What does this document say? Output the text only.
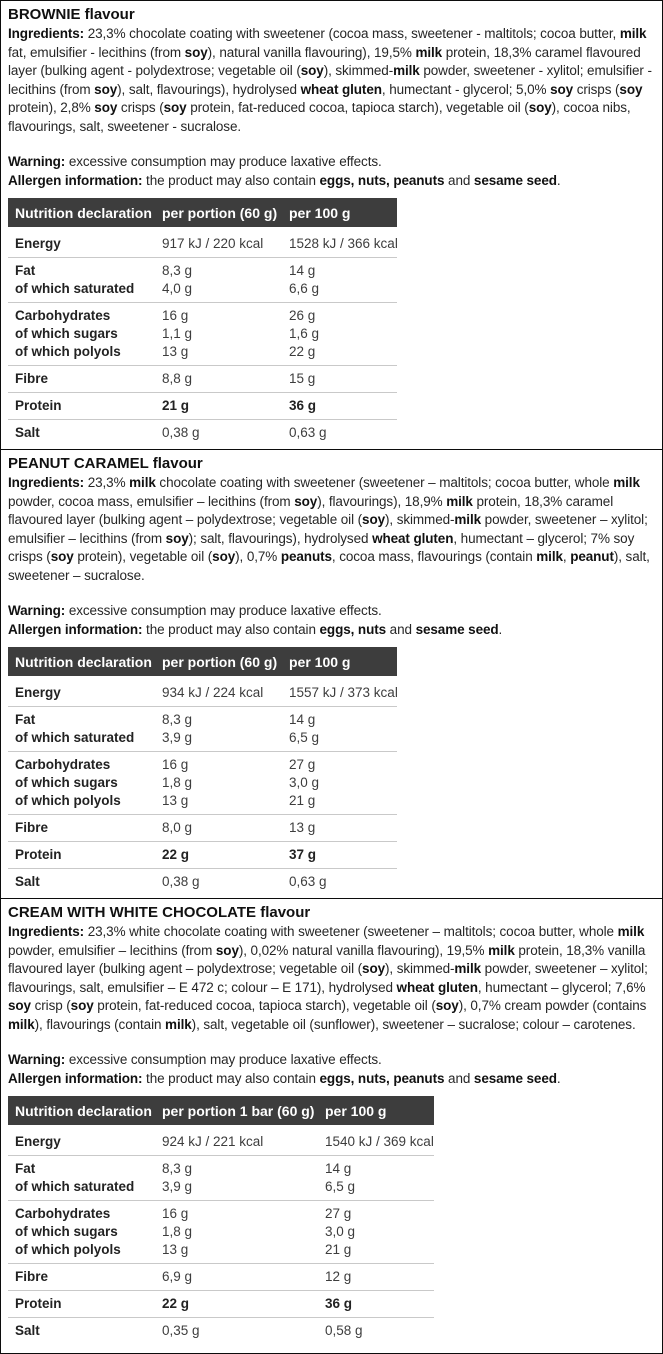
BROWNIE flavour

Ingredients: 23,3% chocolate coating with sweetener (cocoa mass, sweetener - maltitols; cocoa butter, milk fat, emulsifier - lecithins (from soy), natural vanilla flavouring), 19,5% milk protein, 18,3% caramel flavoured layer (bulking agent - polydextrose; vegetable oil (soy), skimmed-milk powder, sweetener - xylitol; emulsifier - lecithins (from soy), salt, flavourings), hydrolysed wheat gluten, humectant - glycerol; 5,0% soy crisps (soy protein), 2,8% soy crisps (soy protein, fat-reduced cocoa, tapioca starch), vegetable oil (soy), cocoa nibs, flavourings, salt, sweetener - sucralose.

Warning: excessive consumption may produce laxative effects.

Allergen information: the product may also contain eggs, nuts, peanuts and sesame seed.

Nutrition declaration per portion (60 g) per 100 g
Energy	917 kJ / 220 kcal	1528 kJ / 366 kcal
Fat	8,3 g	14 g
of which saturated	4,0 g	6,6 g
Carbohydrates	16 g	26 g
of which sugars	1,1 g	1,6 g
of which polyols	13 g	22 g
Fibre	8,8 g	15 g
Protein	21 g	36 g
Salt	0,38 g	0,63 g
PEANUT CARAMEL flavour

Ingredients: 23,3% milk chocolate coating with sweetener (sweetener – maltitols; cocoa butter, whole milk powder, cocoa mass, emulsifier – lecithins (from soy), flavourings), 18,9% milk protein, 18,3% caramel flavoured layer (bulking agent – polydextrose; vegetable oil (soy), skimmed-milk powder, sweetener – xylitol; emulsifier – lecithins (from soy); salt, flavourings), hydrolysed wheat gluten, humectant – glycerol; 7% soy crisps (soy protein), vegetable oil (soy), 0,7% peanuts, cocoa mass, flavourings (contain milk, peanut), salt, sweetener – sucralose.

Warning: excessive consumption may produce laxative effects.

Allergen information: the product may also contain eggs, nuts and sesame seed.

Nutrition declaration per portion (60 g) per 100 g
Energy	934 kJ / 224 kcal	1557 kJ / 373 kcal
Fat	8,3 g	14 g
of which saturated	3,9 g	6,5 g
Carbohydrates	16 g	27 g
of which sugars	1,8 g	3,0 g
of which polyols	13 g	21 g
Fibre	8,0 g	13 g
Protein	22 g	37 g
Salt	0,38 g	0,63 g
CREAM WITH WHITE CHOCOLATE flavour

Ingredients: 23,3% white chocolate coating with sweetener (sweetener – maltitols; cocoa butter, whole milk powder, emulsifier – lecithins (from soy), 0,02% natural vanilla flavouring), 19,5% milk protein, 18,3% vanilla flavoured layer (bulking agent – polydextrose; vegetable oil (soy), skimmed-milk powder, sweetener – xylitol; flavourings, salt, emulsifier – E 472 c; colour – E 171), hydrolysed wheat gluten, humectant – glycerol; 7,6% soy crisp (soy protein, fat-reduced cocoa, tapioca starch), vegetable oil (soy), 0,7% cream powder (contains milk), flavourings (contain milk), salt, vegetable oil (sunflower), sweetener – sucralose; colour – carotenes.

Warning: excessive consumption may produce laxative effects.

Allergen information: the product may also contain eggs, nuts, peanuts and sesame seed.

Nutrition declaration per portion 1 bar (60 g) per 100 g
Energy	924 kJ / 221 kcal	1540 kJ / 369 kcal
Fat	8,3 g	14 g
of which saturated	3,9 g	6,5 g
Carbohydrates	16 g	27 g
of which sugars	1,8 g	3,0 g
of which polyols	13 g	21 g
Fibre	6,9 g	12 g
Protein	22 g	36 g
Salt	0,35 g	0,58 g
